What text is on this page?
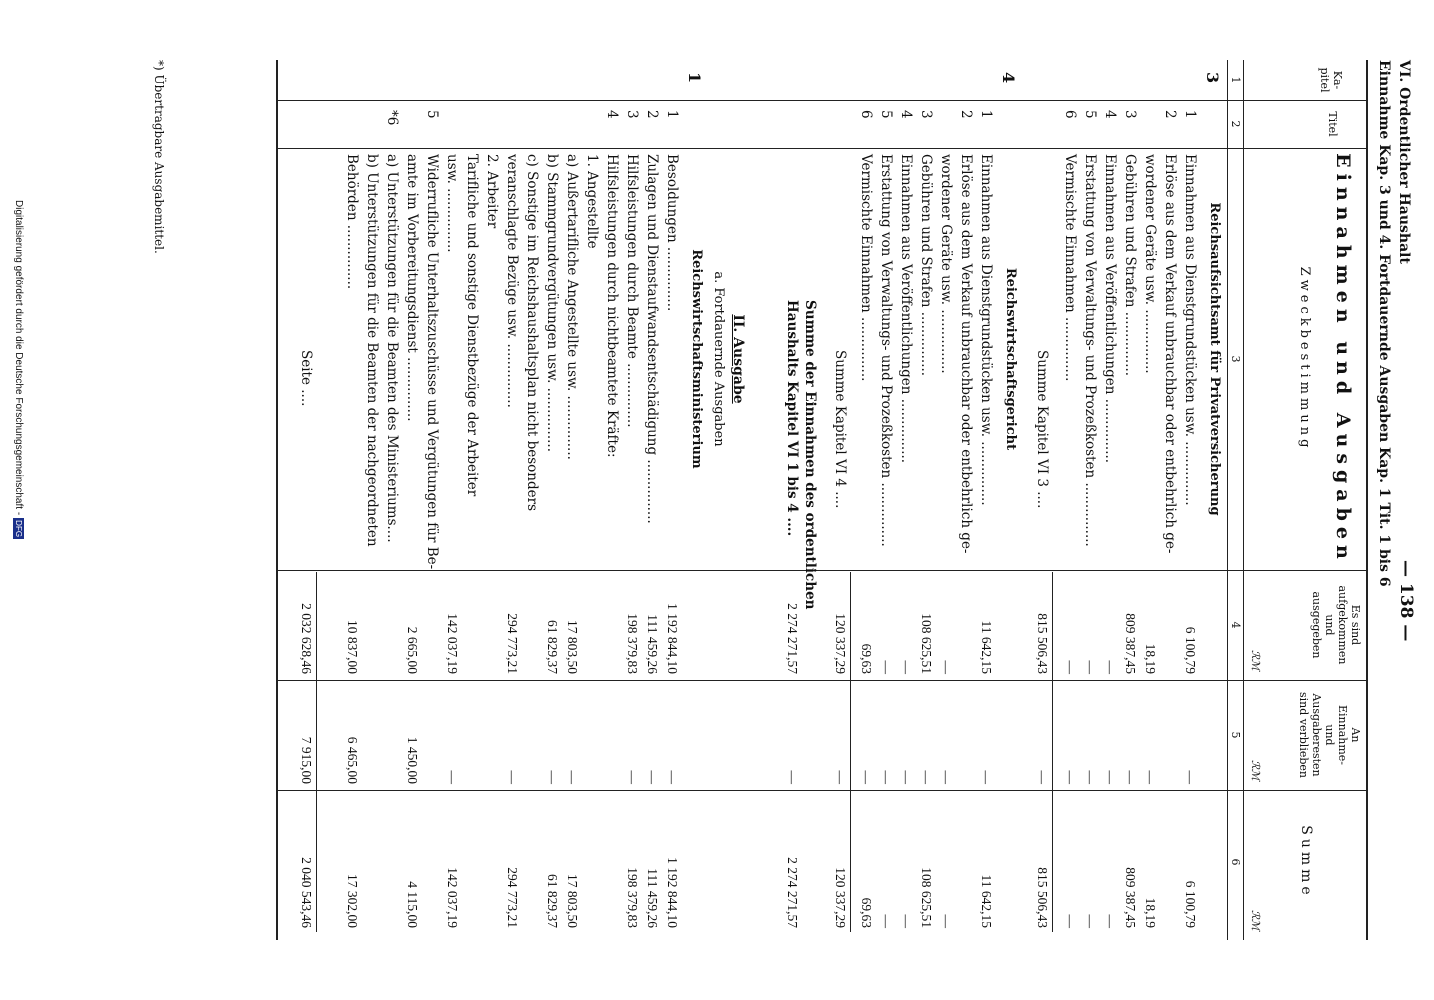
VI. Ordentlicher Haushalt
— 138 —
Einnahme Kap. 3 und 4. Fortdauernde Ausgaben Kap. 1 Tit. 1 bis 6
Ka-
pitel
Titel
Einnahmen und Ausgaben
Zweckbestimmung
Es sind
aufgekommen
und
ausgegeben
An
Einnahme-
und
Ausgaberesten
sind verblieben
Summe
ℛℳ
ℛℳ
ℛℳ
1
2
3
4
5
6
3
Reichsaufsichtsamt für Privatversicherung
1
Einnahmen aus Dienstgrundstücken usw. ...............
6 100,79
—
6 100,79
2
Erlöse aus dem Verkauf unbrauchbar oder entbehrlich ge-
wordener Geräte usw. ...............
18,19
—
18,19
3
Gebühren und Strafen ...............
809 387,45
—
809 387,45
4
Einnahmen aus Veröffentlichungen ...............
—
—
—
5
Erstattung von Verwaltungs- und Prozeßkosten ...............
—
—
—
6
Vermischte Einnahmen ...............
—
—
—
4
Reichswirtschaftsgericht
1
Einnahmen aus Dienstgrundstücken usw. ...............
11 642,15
—
11 642,15
2
Erlöse aus dem Verkauf unbrauchbar oder entbehrlich ge-
wordener Geräte usw. ...............
—
—
—
3
Gebühren und Strafen ...............
108 625,51
—
108 625,51
4
Einnahmen aus Veröffentlichungen ...............
—
—
—
5
Erstattung von Verwaltungs- und Prozeßkosten ...............
—
—
—
6
Vermischte Einnahmen ...............
69,63
—
69,63
II. Ausgabe
a. Fortdauernde Ausgaben
1
Reichswirtschaftsministerium
1
Besoldungen ...............
1 192 844,10
—
1 192 844,10
2
Zulagen und Dienstaufwandsentschädigung ...............
111 459,26
—
111 459,26
3
Hilfsleistungen durch Beamte ...............
198 379,83
—
198 379,83
4
Hilfsleistungen durch nichtbeamtete Kräfte:
1. Angestellte
a) Außertarifliche Angestellte usw. ...............
17 803,50
—
17 803,50
b) Stammgrundvergütungen usw. ...............
61 829,37
—
61 829,37
c) Sonstige im Reichshaushaltsplan nicht besonders
veranschlagte Bezüge usw. ...............
294 773,21
—
294 773,21
2. Arbeiter
Tarifliche und sonstige Dienstbezüge der Arbeiter
usw. ...............
142 037,19
—
142 037,19
5
Widerrufliche Unterhaltszuschüsse und Vergütungen für Be-
amte im Vorbereitungsdienst ...............
2 665,00
1 450,00
4 115,00
*6
a) Unterstützungen für die Beamten des Ministeriums....
b) Unterstützungen für die Beamten der nachgeordneten
Behörden ...............
10 837,00
6 465,00
17 302,00
*) Übertragbare Ausgabemittel.
Digitalisierung gefördert durch die Deutsche Forschungsgemeinschaft -DFG
Summe Kapitel VI 3 ....
815 506,43
—
815 506,43
Summe Kapitel VI 4 ....
120 337,29
—
120 337,29
Summe der Einnahmen des ordentlichen
Haushalts Kapitel VI 1 bis 4 ....
2 274 271,57
—
2 274 271,57
Seite ....
2 032 628,46
7 915,00
2 040 543,46
